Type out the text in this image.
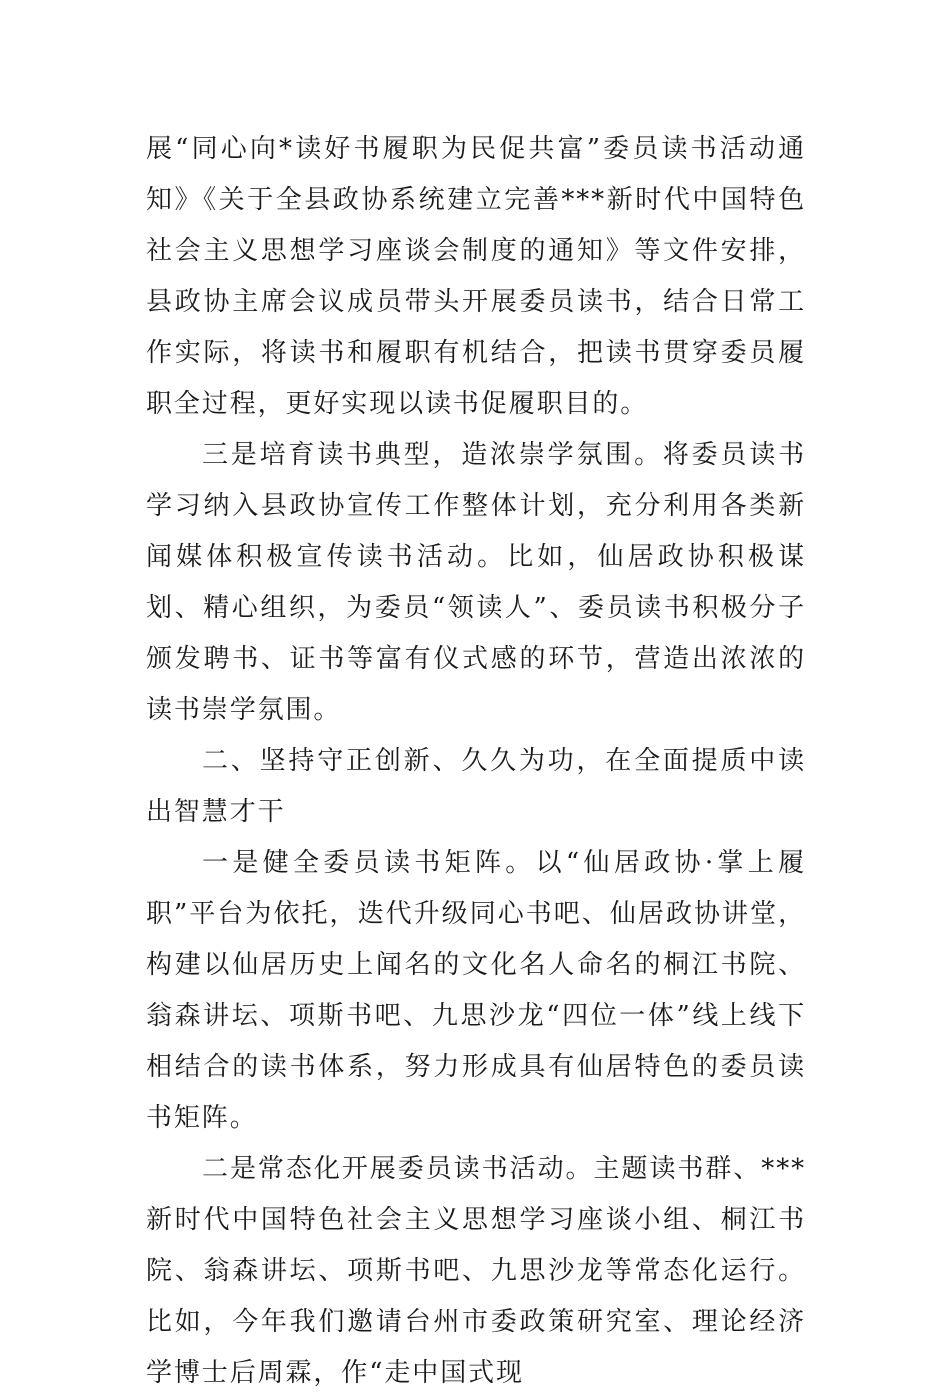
展“同心向*读好书履职为民促共富”委员读书活动通知》《关于全县政协系统建立完善***新时代中国特色社会主义思想学习座谈会制度的通知》等文件安排，县政协主席会议成员带头开展委员读书，结合日常工作实际，将读书和履职有机结合，把读书贯穿委员履职全过程，更好实现以读书促履职目的。

三是培育读书典型，造浓崇学氛围。将委员读书学习纳入县政协宣传工作整体计划，充分利用各类新闻媒体积极宣传读书活动。比如，仙居政协积极谋划、精心组织，为委员“领读人”、委员读书积极分子颁发聘书、证书等富有仪式感的环节，营造出浓浓的读书崇学氛围。

二、坚持守正创新、久久为功，在全面提质中读出智慧才干

一是健全委员读书矩阵。以“仙居政协·掌上履职”平台为依托，迭代升级同心书吧、仙居政协讲堂，构建以仙居历史上闻名的文化名人命名的桐江书院、翁森讲坛、项斯书吧、九思沙龙“四位一体”线上线下相结合的读书体系，努力形成具有仙居特色的委员读书矩阵。

二是常态化开展委员读书活动。主题读书群、***新时代中国特色社会主义思想学习座谈小组、桐江书院、翁森讲坛、项斯书吧、九思沙龙等常态化运行。比如，今年我们邀请台州市委政策研究室、理论经济学博士后周霖，作“走中国式现
